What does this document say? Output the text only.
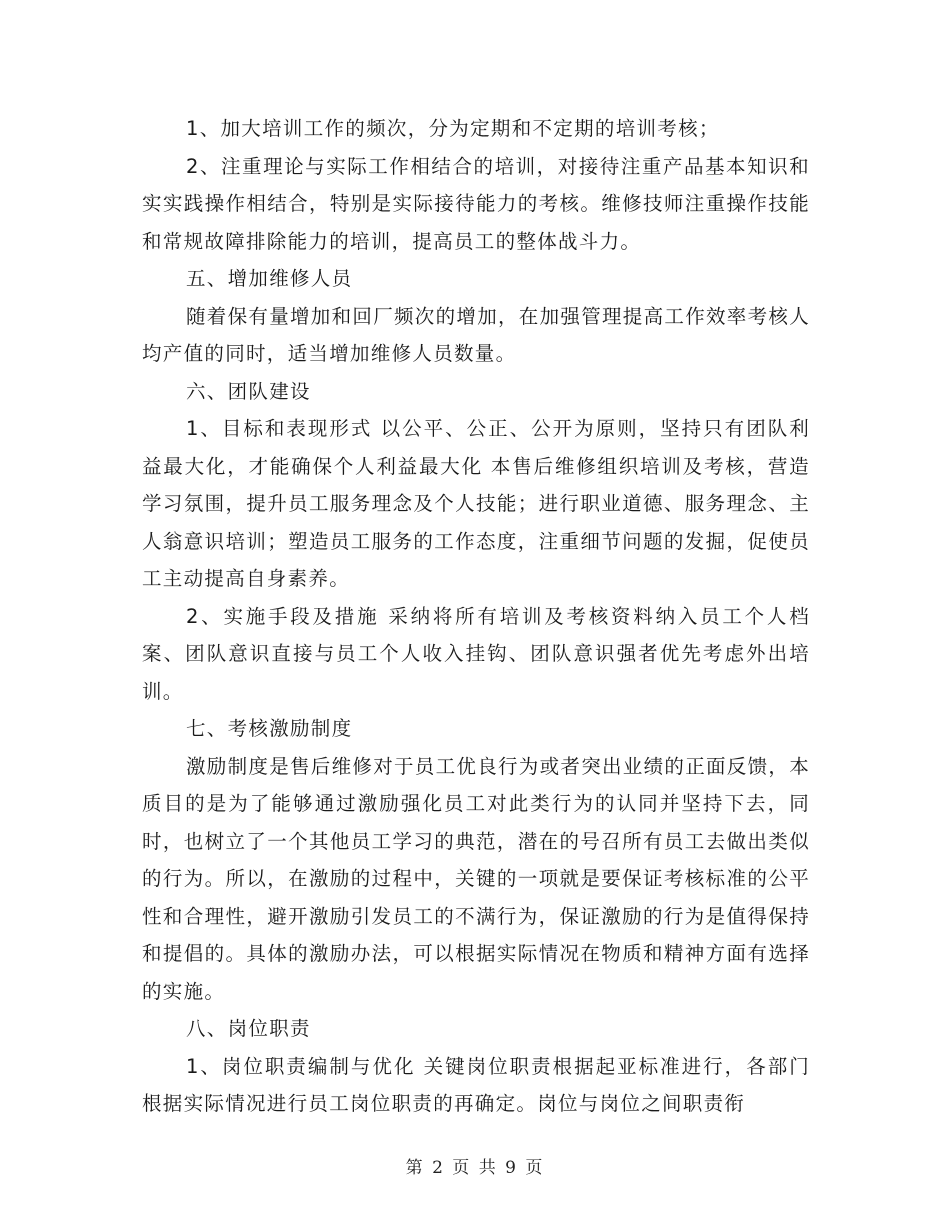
1、加大培训工作的频次，分为定期和不定期的培训考核；

2、注重理论与实际工作相结合的培训，对接待注重产品基本知识和实实践操作相结合，特别是实际接待能力的考核。维修技师注重操作技能和常规故障排除能力的培训，提高员工的整体战斗力。

五、增加维修人员

随着保有量增加和回厂频次的增加，在加强管理提高工作效率考核人均产值的同时，适当增加维修人员数量。

六、团队建设

1、目标和表现形式 以公平、公正、公开为原则，坚持只有团队利益最大化，才能确保个人利益最大化 本售后维修组织培训及考核，营造学习氛围，提升员工服务理念及个人技能；进行职业道德、服务理念、主人翁意识培训；塑造员工服务的工作态度，注重细节问题的发掘，促使员工主动提高自身素养。

2、实施手段及措施 采纳将所有培训及考核资料纳入员工个人档案、团队意识直接与员工个人收入挂钩、团队意识强者优先考虑外出培训。

七、考核激励制度

激励制度是售后维修对于员工优良行为或者突出业绩的正面反馈，本质目的是为了能够通过激励强化员工对此类行为的认同并坚持下去，同时，也树立了一个其他员工学习的典范，潜在的号召所有员工去做出类似的行为。所以，在激励的过程中，关键的一项就是要保证考核标准的公平性和合理性，避开激励引发员工的不满行为，保证激励的行为是值得保持和提倡的。具体的激励办法，可以根据实际情况在物质和精神方面有选择的实施。

八、岗位职责

1、岗位职责编制与优化 关键岗位职责根据起亚标准进行，各部门根据实际情况进行员工岗位职责的再确定。岗位与岗位之间职责衔

第 2 页 共 9 页
